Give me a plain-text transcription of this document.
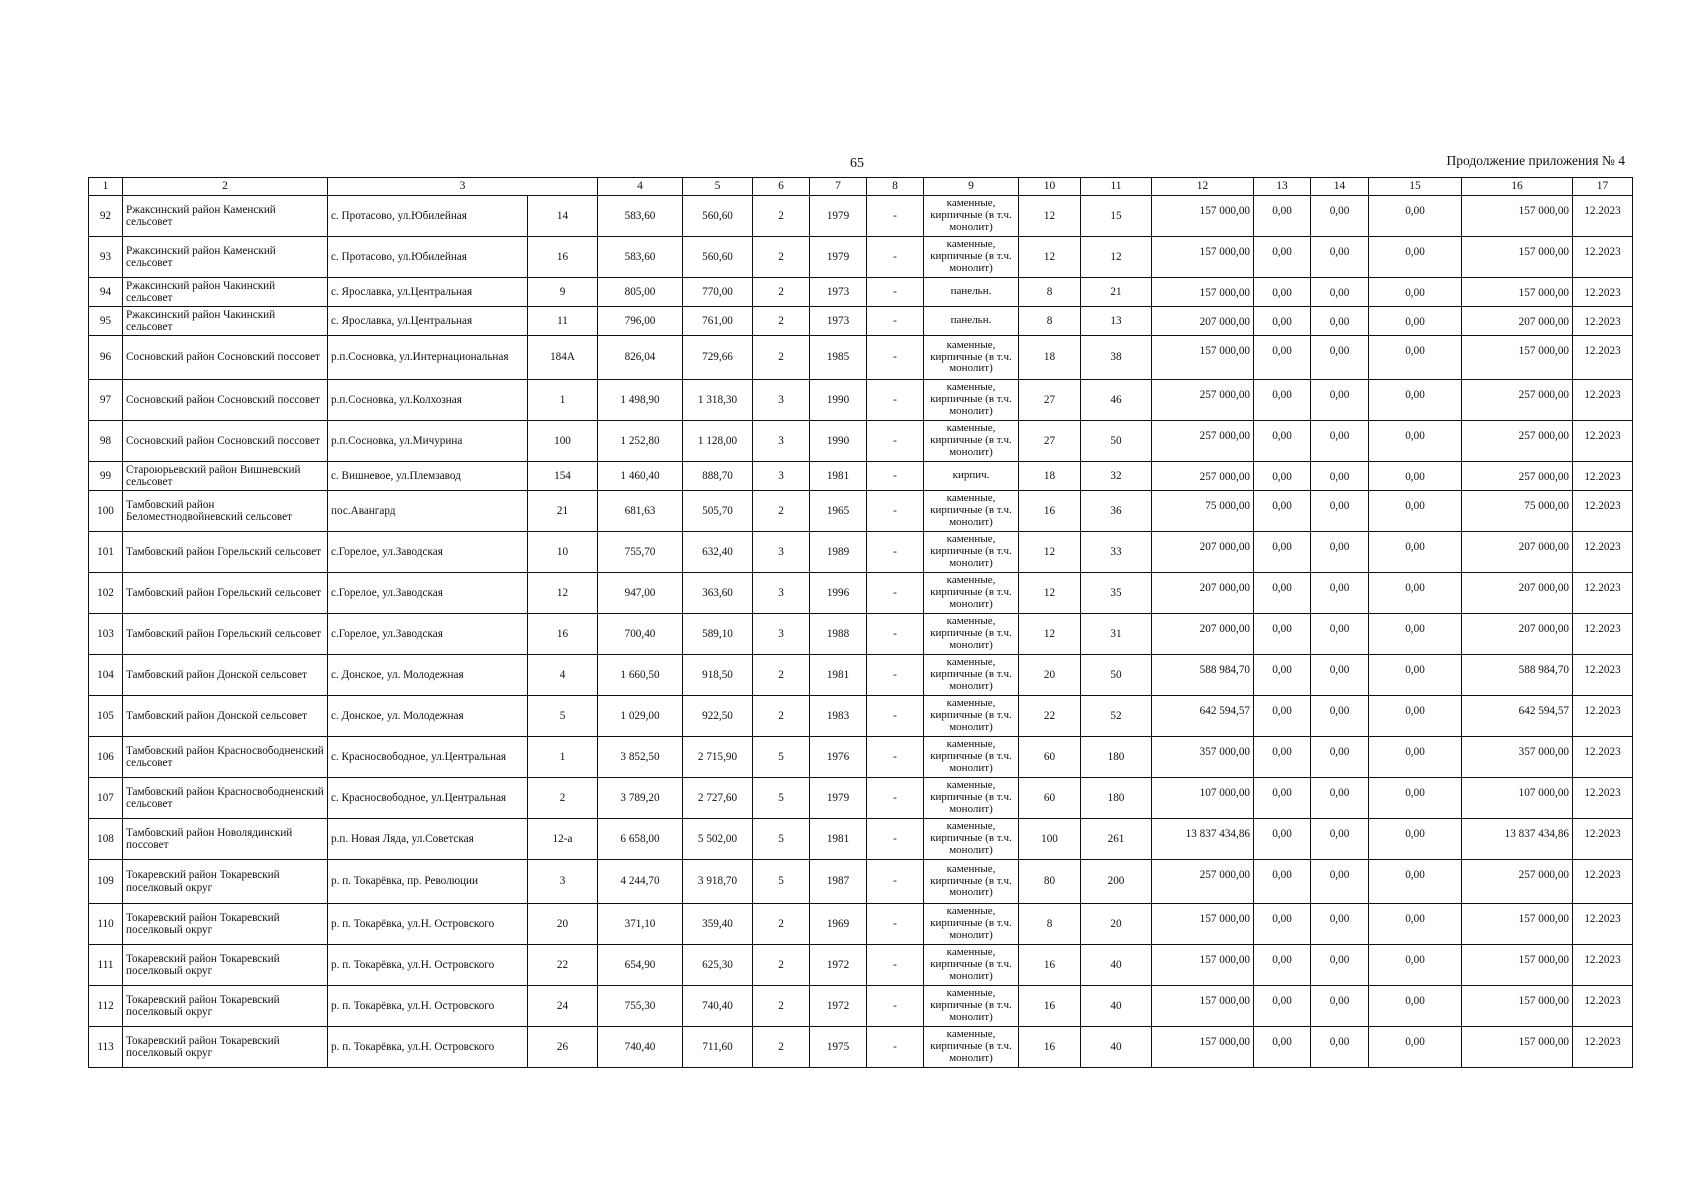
65	Продолжение приложения № 4
1	2	3		4	5	6	7	8	9	10	11	12	13	14	15	16	17
92	Ржаксинский район Каменский сельсовет	с. Протасово, ул.Юбилейная	14	583,60	560,60	2	1979	-	каменные, кирпичные (в т.ч. монолит)	12	15	157 000,00	0,00	0,00	0,00	157 000,00	12.2023
93	Ржаксинский район Каменский сельсовет	с. Протасово, ул.Юбилейная	16	583,60	560,60	2	1979	-	каменные, кирпичные (в т.ч. монолит)	12	12	157 000,00	0,00	0,00	0,00	157 000,00	12.2023
94	Ржаксинский район Чакинский сельсовет	с. Ярославка, ул.Центральная	9	805,00	770,00	2	1973	-	панельн.	8	21	157 000,00	0,00	0,00	0,00	157 000,00	12.2023
95	Ржаксинский район Чакинский сельсовет	с. Ярославка, ул.Центральная	11	796,00	761,00	2	1973	-	панельн.	8	13	207 000,00	0,00	0,00	0,00	207 000,00	12.2023
96	Сосновский район Сосновский поссовет	р.п.Сосновка, ул.Интернациональная	184А	826,04	729,66	2	1985	-	каменные, кирпичные (в т.ч. монолит)	18	38	157 000,00	0,00	0,00	0,00	157 000,00	12.2023
97	Сосновский район Сосновский поссовет	р.п.Сосновка, ул.Колхозная	1	1 498,90	1 318,30	3	1990	-	каменные, кирпичные (в т.ч. монолит)	27	46	257 000,00	0,00	0,00	0,00	257 000,00	12.2023
98	Сосновский район Сосновский поссовет	р.п.Сосновка, ул.Мичурина	100	1 252,80	1 128,00	3	1990	-	каменные, кирпичные (в т.ч. монолит)	27	50	257 000,00	0,00	0,00	0,00	257 000,00	12.2023
99	Староюрьевский район Вишневский сельсовет	с. Вишневое, ул.Племзавод	154	1 460,40	888,70	3	1981	-	кирпич.	18	32	257 000,00	0,00	0,00	0,00	257 000,00	12.2023
100	Тамбовский район Беломестнодвойневский сельсовет	пос.Авангард	21	681,63	505,70	2	1965	-	каменные, кирпичные (в т.ч. монолит)	16	36	75 000,00	0,00	0,00	0,00	75 000,00	12.2023
101	Тамбовский район Горельский сельсовет	с.Горелое, ул.Заводская	10	755,70	632,40	3	1989	-	каменные, кирпичные (в т.ч. монолит)	12	33	207 000,00	0,00	0,00	0,00	207 000,00	12.2023
102	Тамбовский район Горельский сельсовет	с.Горелое, ул.Заводская	12	947,00	363,60	3	1996	-	каменные, кирпичные (в т.ч. монолит)	12	35	207 000,00	0,00	0,00	0,00	207 000,00	12.2023
103	Тамбовский район Горельский сельсовет	с.Горелое, ул.Заводская	16	700,40	589,10	3	1988	-	каменные, кирпичные (в т.ч. монолит)	12	31	207 000,00	0,00	0,00	0,00	207 000,00	12.2023
104	Тамбовский район Донской сельсовет	с. Донское, ул. Молодежная	4	1 660,50	918,50	2	1981	-	каменные, кирпичные (в т.ч. монолит)	20	50	588 984,70	0,00	0,00	0,00	588 984,70	12.2023
105	Тамбовский район Донской сельсовет	с. Донское, ул. Молодежная	5	1 029,00	922,50	2	1983	-	каменные, кирпичные (в т.ч. монолит)	22	52	642 594,57	0,00	0,00	0,00	642 594,57	12.2023
106	Тамбовский район Красносвободненский сельсовет	с. Красносвободное, ул.Центральная	1	3 852,50	2 715,90	5	1976	-	каменные, кирпичные (в т.ч. монолит)	60	180	357 000,00	0,00	0,00	0,00	357 000,00	12.2023
107	Тамбовский район Красносвободненский сельсовет	с. Красносвободное, ул.Центральная	2	3 789,20	2 727,60	5	1979	-	каменные, кирпичные (в т.ч. монолит)	60	180	107 000,00	0,00	0,00	0,00	107 000,00	12.2023
108	Тамбовский район Новолядинский поссовет	р.п. Новая Ляда, ул.Советская	12-а	6 658,00	5 502,00	5	1981	-	каменные, кирпичные (в т.ч. монолит)	100	261	13 837 434,86	0,00	0,00	0,00	13 837 434,86	12.2023
109	Токаревский район Токаревский поселковый округ	р. п. Токарёвка, пр. Революции	3	4 244,70	3 918,70	5	1987	-	каменные, кирпичные (в т.ч. монолит)	80	200	257 000,00	0,00	0,00	0,00	257 000,00	12.2023
110	Токаревский район Токаревский поселковый округ	р. п. Токарёвка, ул.Н. Островского	20	371,10	359,40	2	1969	-	каменные, кирпичные (в т.ч. монолит)	8	20	157 000,00	0,00	0,00	0,00	157 000,00	12.2023
111	Токаревский район Токаревский поселковый округ	р. п. Токарёвка, ул.Н. Островского	22	654,90	625,30	2	1972	-	каменные, кирпичные (в т.ч. монолит)	16	40	157 000,00	0,00	0,00	0,00	157 000,00	12.2023
112	Токаревский район Токаревский поселковый округ	р. п. Токарёвка, ул.Н. Островского	24	755,30	740,40	2	1972	-	каменные, кирпичные (в т.ч. монолит)	16	40	157 000,00	0,00	0,00	0,00	157 000,00	12.2023
113	Токаревский район Токаревский поселковый округ	р. п. Токарёвка, ул.Н. Островского	26	740,40	711,60	2	1975	-	каменные, кирпичные (в т.ч. монолит)	16	40	157 000,00	0,00	0,00	0,00	157 000,00	12.2023
